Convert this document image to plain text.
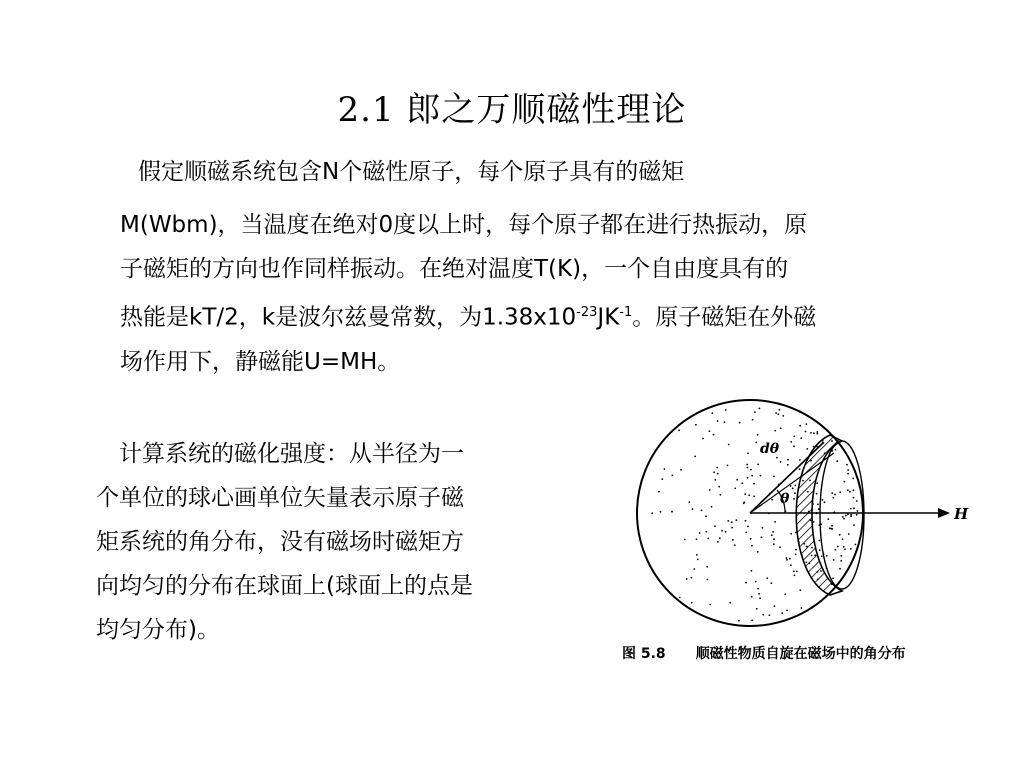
2.1 郎之万顺磁性理论
假定顺磁系统包含N个磁性原子，每个原子具有的磁矩
M(Wbm)，当温度在绝对0度以上时，每个原子都在进行热振动，原
子磁矩的方向也作同样振动。在绝对温度T(K)，一个自由度具有的
热能是kT/2，k是波尔兹曼常数，为$1.38x10^{-23}JK^{-1}$。原子磁矩在外磁
场作用下，静磁能U=MH。
　计算系统的磁化强度：从半径为一
个单位的球心画单位矢量表示原子磁
矩系统的角分布，没有磁场时磁矩方
向均匀的分布在球面上(球面上的点是
均匀分布)。
dθ
θ
H
图 5.8 顺磁性物质自旋在磁场中的角分布
